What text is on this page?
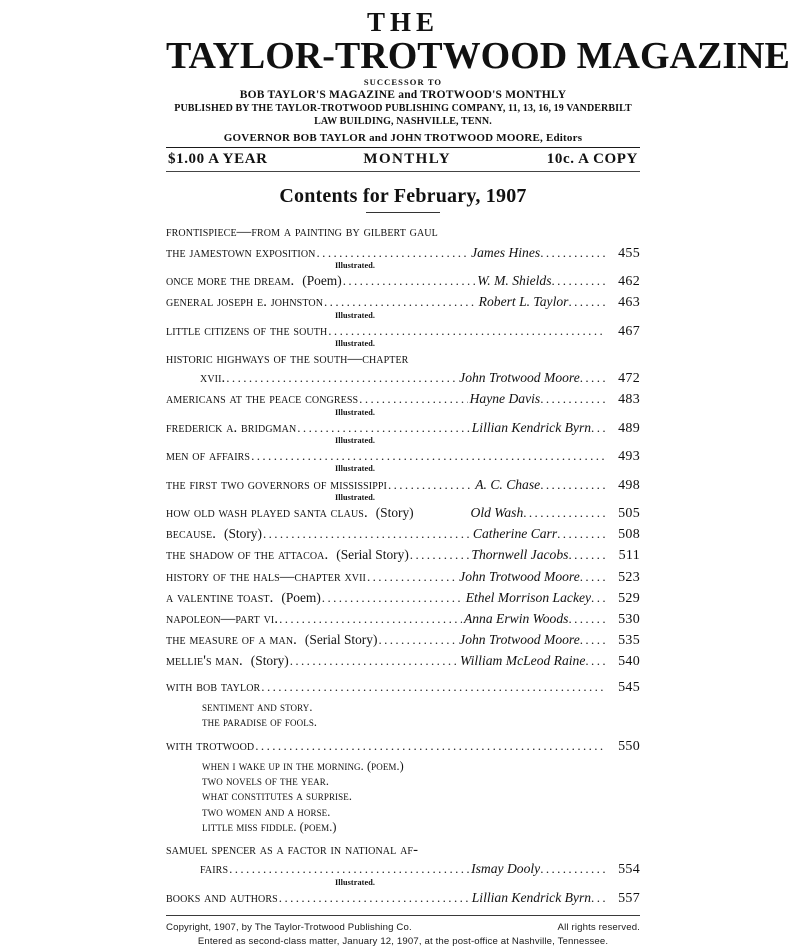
THE
TAYLOR-TROTWOOD MAGAZINE
SUCCESSOR TO
BOB TAYLOR'S MAGAZINE and TROTWOOD'S MONTHLY
PUBLISHED BY THE TAYLOR-TROTWOOD PUBLISHING COMPANY, 11, 13, 16, 19 VANDERBILT
LAW BUILDING, NASHVILLE, TENN.
GOVERNOR BOB TAYLOR and JOHN TROTWOOD MOORE, Editors
$1.00 A YEAR	MONTHLY	10c. A COPY
Contents for February, 1907
frontispiece—from a painting by gilbert gaul
the jamestown exposition .....	James Hines ............ 455
Illustrated.
once more the dream. (Poem) .....	W. M. Shields .......... 462
general joseph e. johnston .....	Robert L. Taylor ....... 463
Illustrated.
little citizens of the south .....	467
Illustrated.
historic highways of the south—chapter
xvii. .....	John Trotwood Moore ..... 472
americans at the peace congress .....	Hayne Davis ............ 483
Illustrated.
frederick a. bridgman .....	Lillian Kendrick Byrn ... 489
Illustrated.
men of affairs .....	493
Illustrated.
the first two governors of mississippi .....	A. C. Chase ............ 498
Illustrated.
how old wash played santa claus. (Story)	Old Wash ............... 505
because. (Story) .....	Catherine Carr ......... 508
the shadow of the attacoa. (Serial Story) .....	Thornwell Jacobs ....... 511
history of the hals—chapter xvii .....	John Trotwood Moore ..... 523
a valentine toast. (Poem) .....	Ethel Morrison Lackey ... 529
napoleon—part vi. .....	Anna Erwin Woods ....... 530
the measure of a man. (Serial Story) .....	John Trotwood Moore ..... 535
mellie's man. (Story) .....	William McLeod Raine .... 540
with bob taylor .....	545
sentiment and story.
the paradise of fools.
with trotwood .....	550
when i wake up in the morning. (poem.)
two novels of the year.
what constitutes a surprise.
two women and a horse.
little miss fiddle. (poem.)
samuel spencer as a factor in national af-
fairs .....	Ismay Dooly ............ 554
Illustrated.
books and authors .....	Lillian Kendrick Byrn ... 557
Copyright, 1907, by The Taylor-Trotwood Publishing Co.	All rights reserved.
Entered as second-class matter, January 12, 1907, at the post-office at Nashville, Tennessee.
